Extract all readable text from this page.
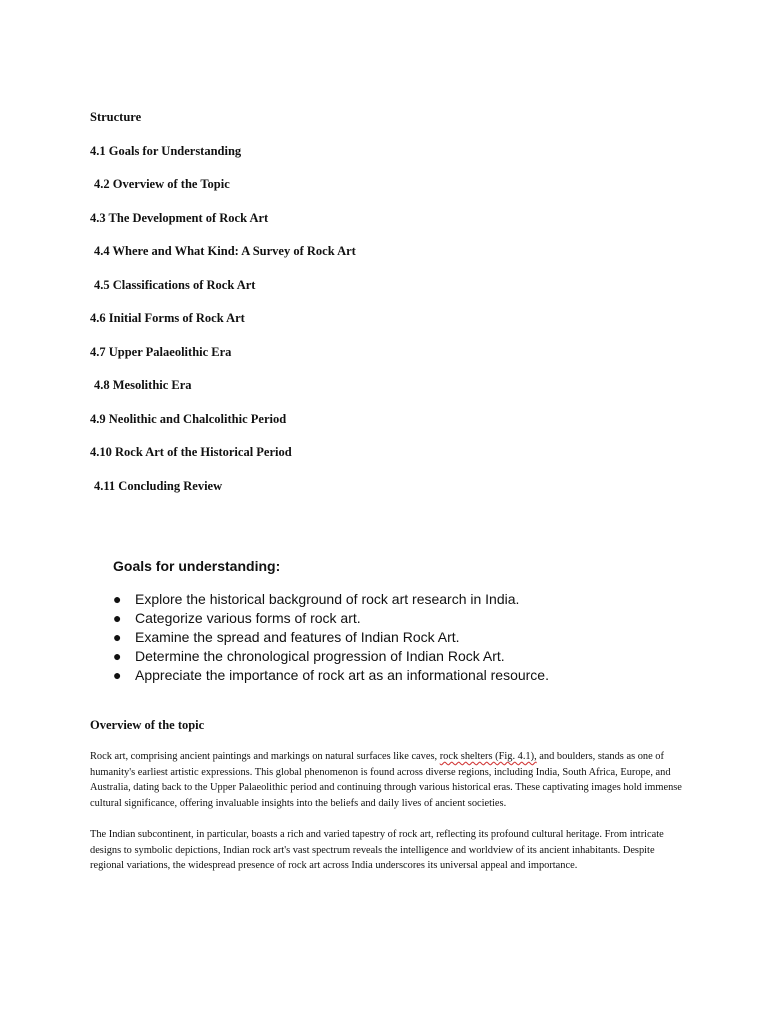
Structure
4.1 Goals for Understanding
4.2 Overview of the Topic
4.3 The Development of Rock Art
4.4 Where and What Kind: A Survey of Rock Art
4.5 Classifications of Rock Art
4.6 Initial Forms of Rock Art
4.7 Upper Palaeolithic Era
4.8 Mesolithic Era
4.9 Neolithic and Chalcolithic Period
4.10 Rock Art of the Historical Period
4.11 Concluding Review
Goals for understanding:
● Explore the historical background of rock art research in India.
● Categorize various forms of rock art.
● Examine the spread and features of Indian Rock Art.
● Determine the chronological progression of Indian Rock Art.
● Appreciate the importance of rock art as an informational resource.
Overview of the topic

Rock art, comprising ancient paintings and markings on natural surfaces like caves, rock shelters (Fig. 4.1), and boulders, stands as one of humanity's earliest artistic expressions. This global phenomenon is found across diverse regions, including India, South Africa, Europe, and Australia, dating back to the Upper Palaeolithic period and continuing through various historical eras. These captivating images hold immense cultural significance, offering invaluable insights into the beliefs and daily lives of ancient societies.

The Indian subcontinent, in particular, boasts a rich and varied tapestry of rock art, reflecting its profound cultural heritage. From intricate designs to symbolic depictions, Indian rock art's vast spectrum reveals the intelligence and worldview of its ancient inhabitants. Despite regional variations, the widespread presence of rock art across India underscores its universal appeal and importance.
